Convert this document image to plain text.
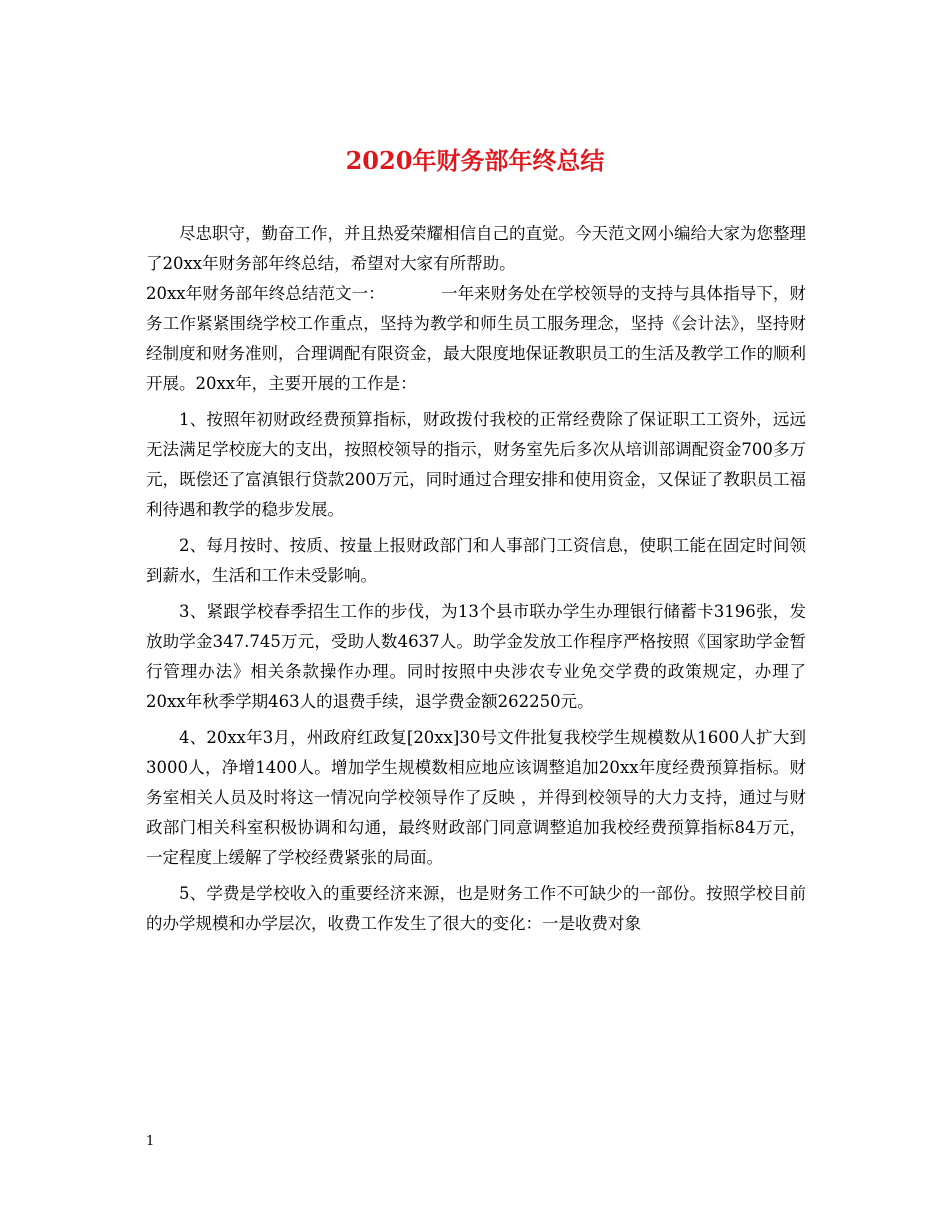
2020年财务部年终总结

尽忠职守，勤奋工作，并且热爱荣耀相信自己的直觉。今天范文网小编给大家为您整理了20xx年财务部年终总结，希望对大家有所帮助。

20xx年财务部年终总结范文一：	一年来财务处在学校领导的支持与具体指导下，财务工作紧紧围绕学校工作重点，坚持为教学和师生员工服务理念，坚持《会计法》，坚持财经制度和财务准则，合理调配有限资金，最大限度地保证教职员工的生活及教学工作的顺利开展。20xx年，主要开展的工作是：

1、按照年初财政经费预算指标，财政拨付我校的正常经费除了保证职工工资外，远远无法满足学校庞大的支出，按照校领导的指示，财务室先后多次从培训部调配资金700多万元，既偿还了富滇银行贷款200万元，同时通过合理安排和使用资金，又保证了教职员工福利待遇和教学的稳步发展。

2、每月按时、按质、按量上报财政部门和人事部门工资信息，使职工能在固定时间领到薪水，生活和工作未受影响。

3、紧跟学校春季招生工作的步伐，为13个县市联办学生办理银行储蓄卡3196张，发放助学金347.745万元，受助人数4637人。助学金发放工作程序严格按照《国家助学金暂行管理办法》相关条款操作办理。同时按照中央涉农专业免交学费的政策规定，办理了20xx年秋季学期463人的退费手续，退学费金额262250元。

4、20xx年3月，州政府红政复[20xx]30号文件批复我校学生规模数从1600人扩大到3000人，净增1400人。增加学生规模数相应地应该调整追加20xx年度经费预算指标。财务室相关人员及时将这一情况向学校领导作了反映 ，并得到校领导的大力支持，通过与财政部门相关科室积极协调和勾通，最终财政部门同意调整追加我校经费预算指标84万元，一定程度上缓解了学校经费紧张的局面。

5、学费是学校收入的重要经济来源，也是财务工作不可缺少的一部份。按照学校目前的办学规模和办学层次，收费工作发生了很大的变化：一是收费对象

1
